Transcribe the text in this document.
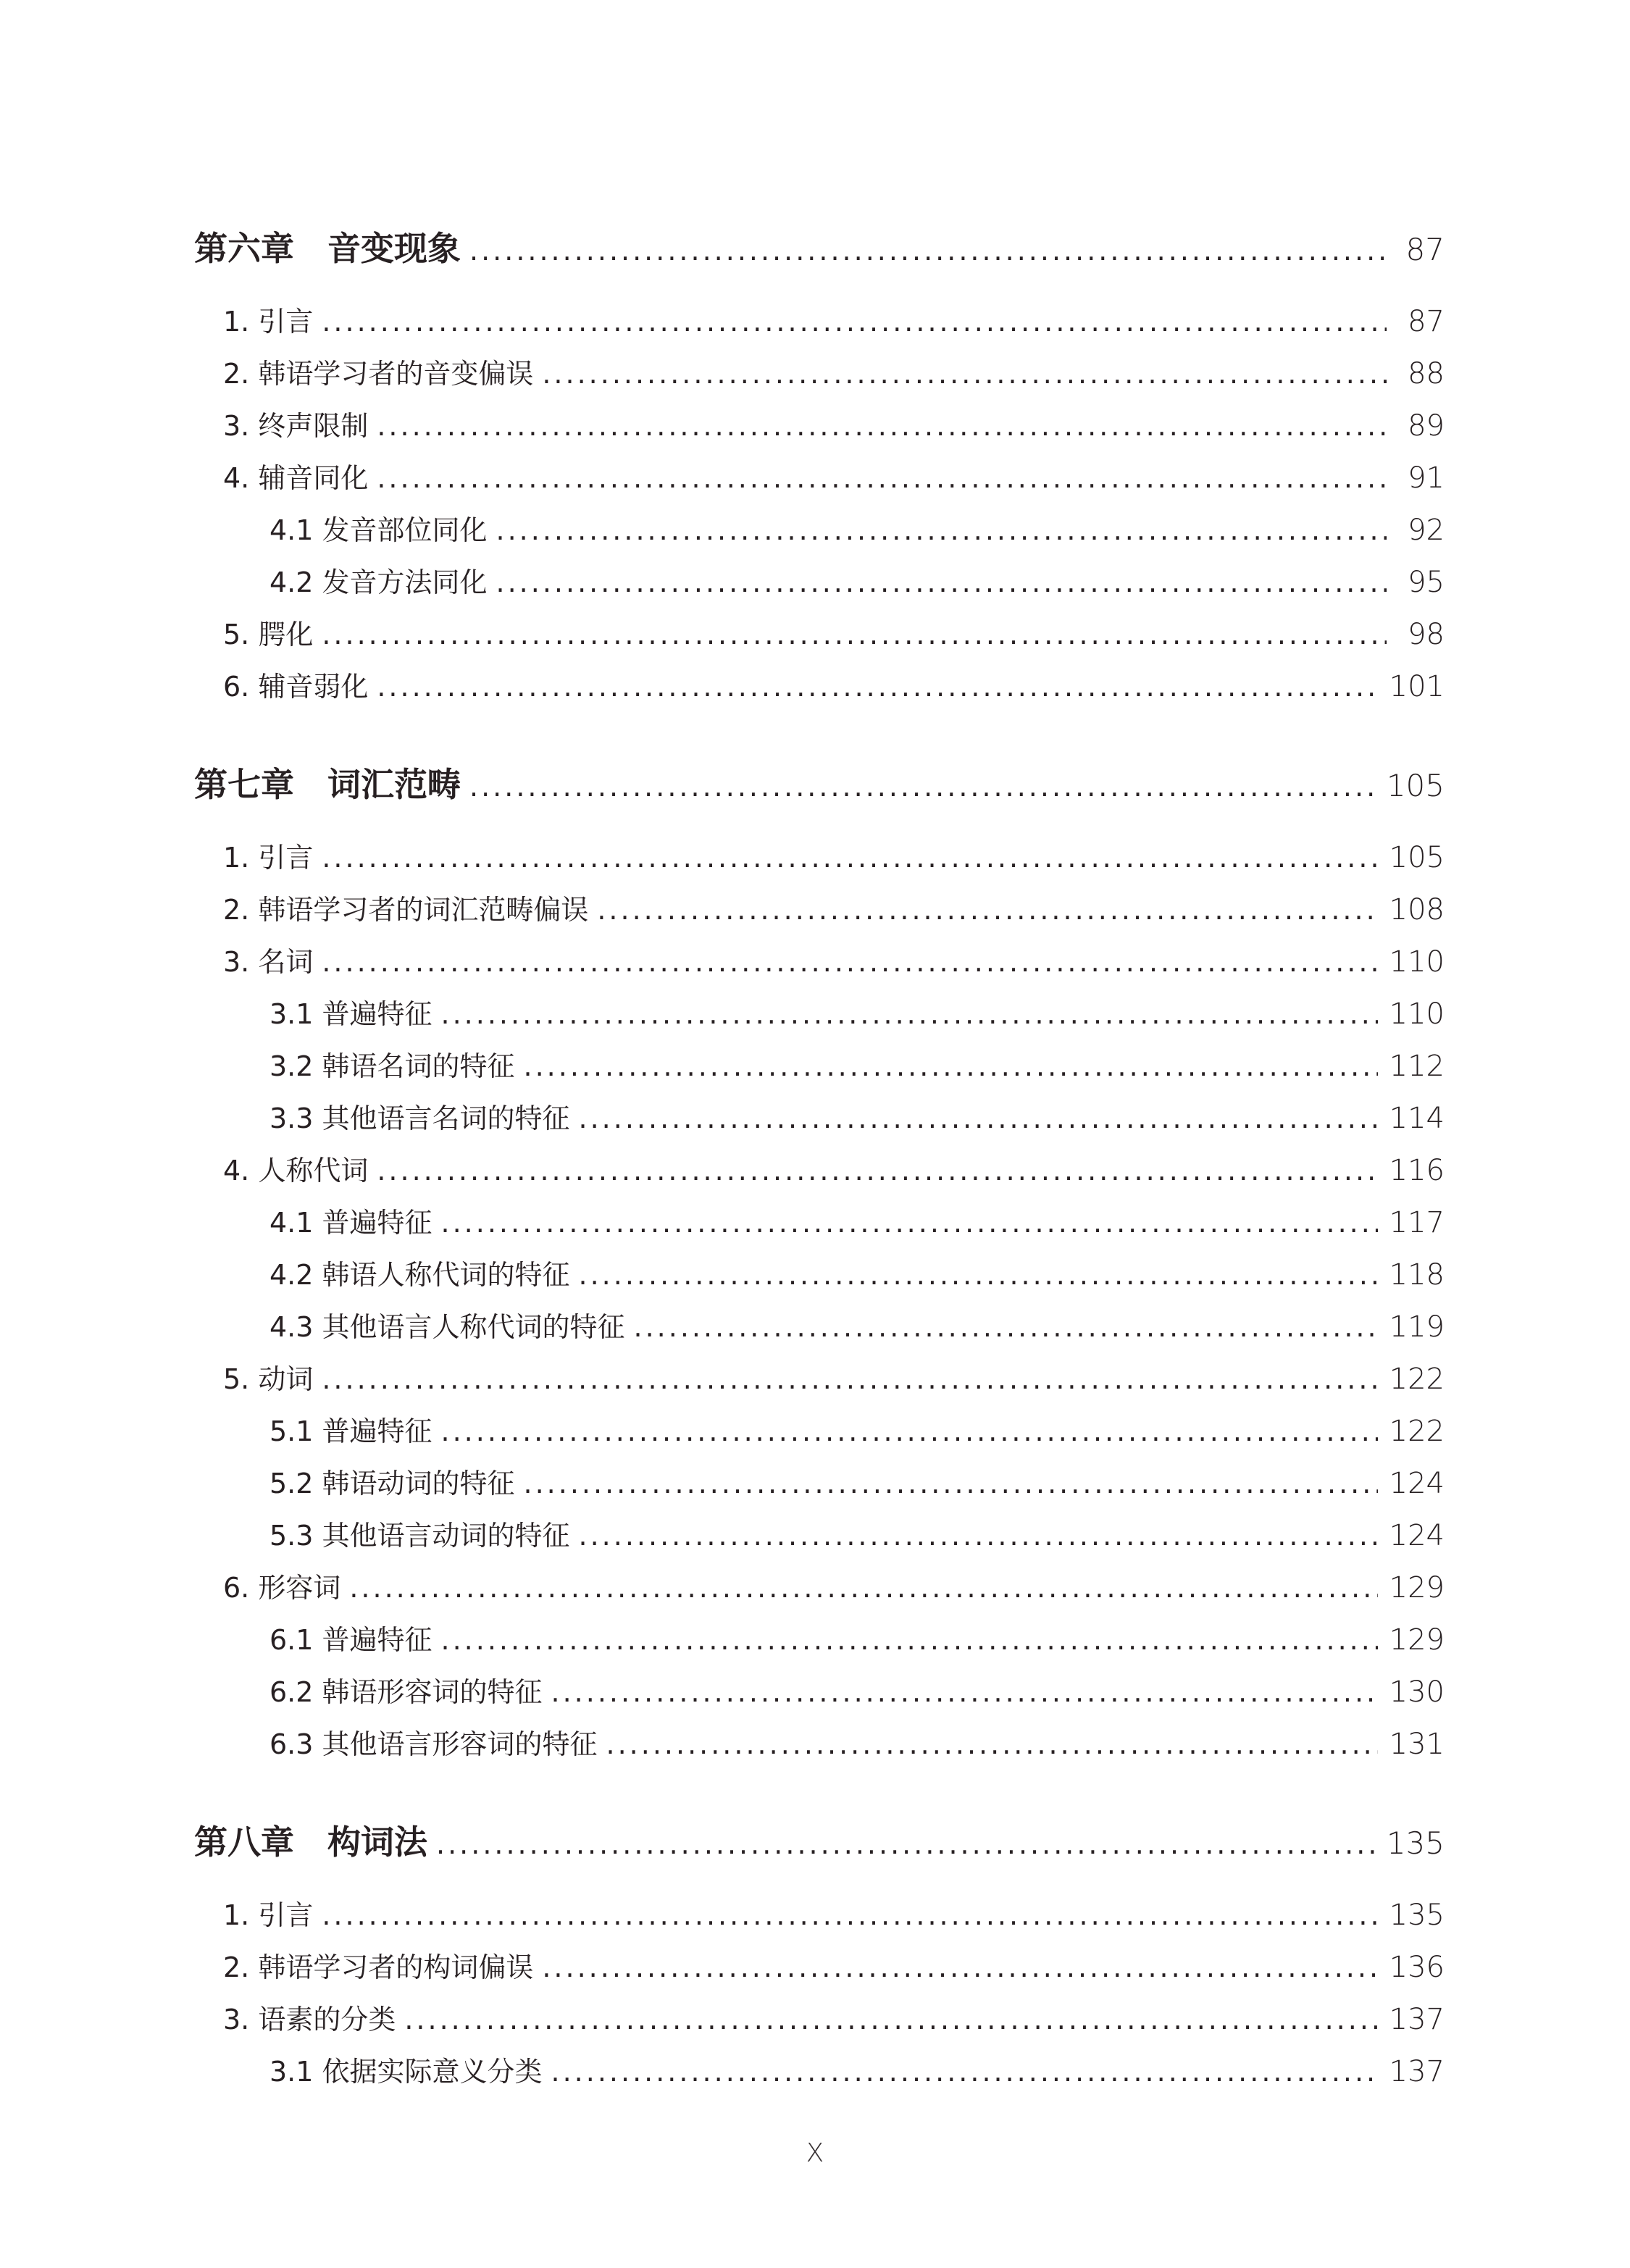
第六章 音变现象 .....	87
1. 引言 .....	87
2. 韩语学习者的音变偏误 .....	88
3. 终声限制 .....	89
4. 辅音同化 .....	91
4.1 发音部位同化 .....	92
4.2 发音方法同化 .....	95
5. 腭化 .....	98
6. 辅音弱化 .....	101
第七章 词汇范畴 .....	105
1. 引言 .....	105
2. 韩语学习者的词汇范畴偏误 .....	108
3. 名词 .....	110
3.1 普遍特征 .....	110
3.2 韩语名词的特征 .....	112
3.3 其他语言名词的特征 .....	114
4. 人称代词 .....	116
4.1 普遍特征 .....	117
4.2 韩语人称代词的特征 .....	118
4.3 其他语言人称代词的特征 .....	119
5. 动词 .....	122
5.1 普遍特征 .....	122
5.2 韩语动词的特征 .....	124
5.3 其他语言动词的特征 .....	124
6. 形容词 .....	129
6.1 普遍特征 .....	129
6.2 韩语形容词的特征 .....	130
6.3 其他语言形容词的特征 .....	131
第八章 构词法 .....	135
1. 引言 .....	135
2. 韩语学习者的构词偏误 .....	136
3. 语素的分类 .....	137
3.1 依据实际意义分类 .....	137
X
